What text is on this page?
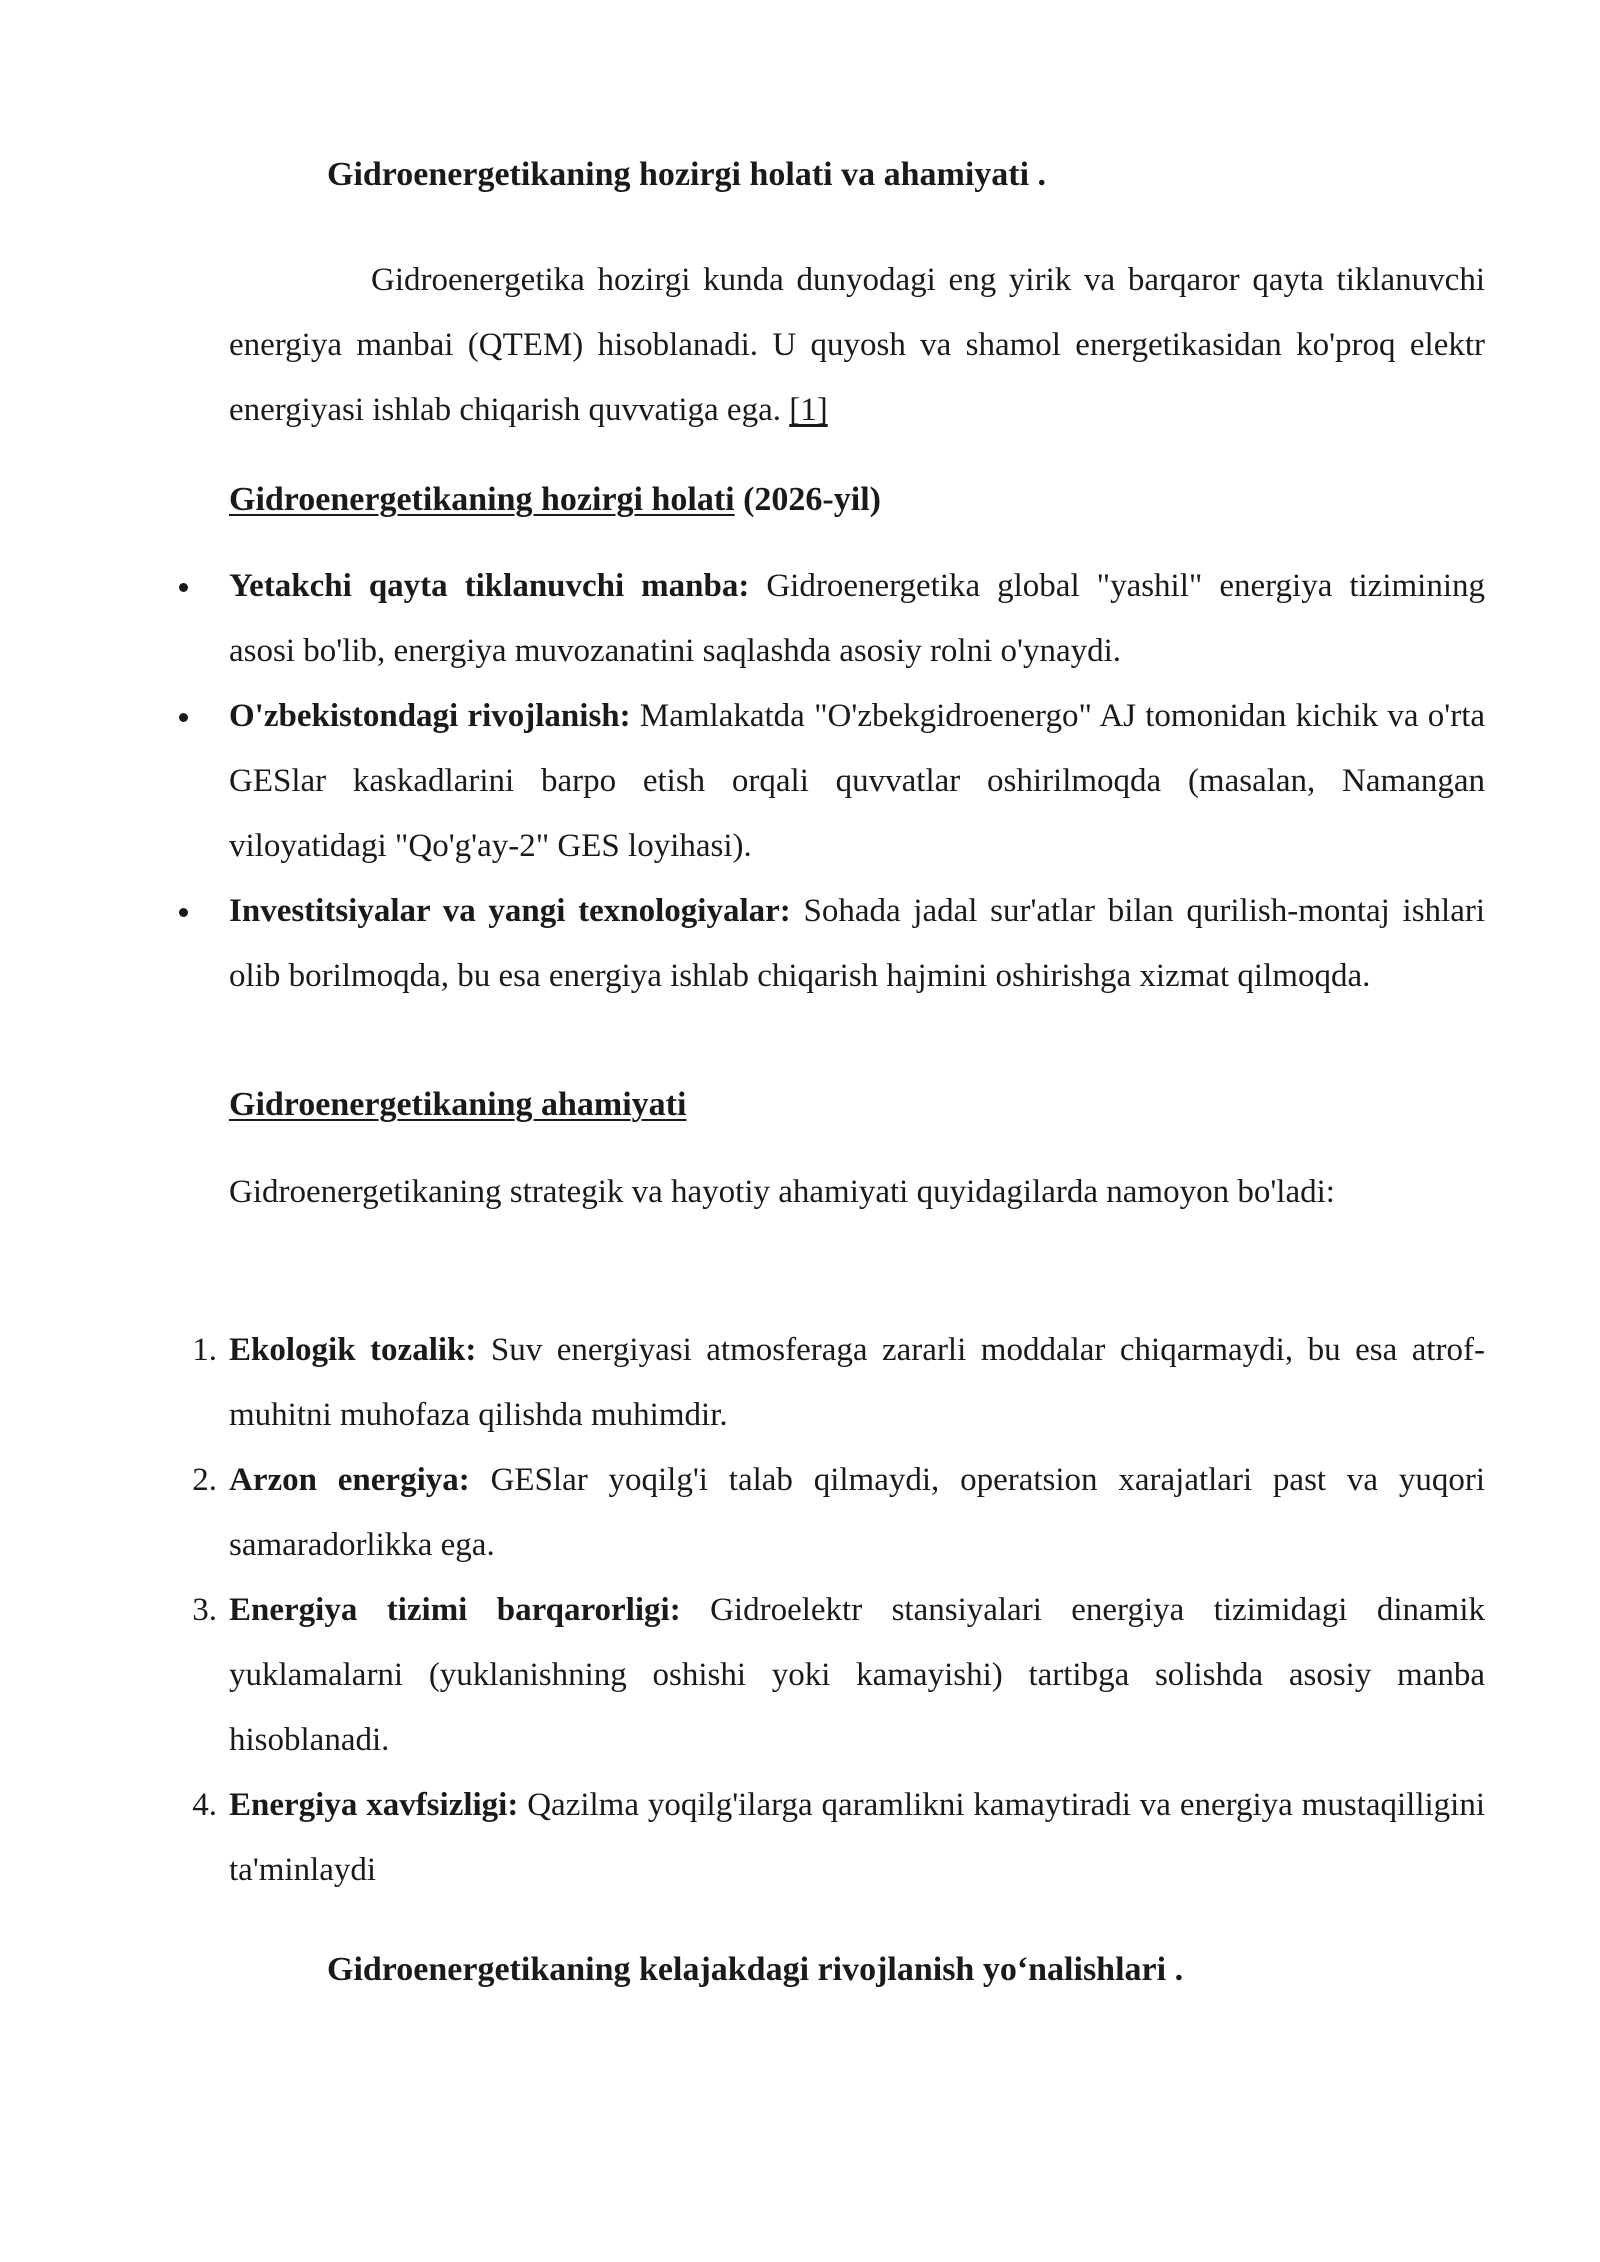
Gidroenergetikaning hozirgi holati va ahamiyati .

Gidroenergetika hozirgi kunda dunyodagi eng yirik va barqaror qayta tiklanuvchi energiya manbai (QTEM) hisoblanadi. U quyosh va shamol energetikasidan ko'proq elektr energiyasi ishlab chiqarish quvvatiga ega. [1]

Gidroenergetikaning hozirgi holati (2026-yil)
Yetakchi qayta tiklanuvchi manba: Gidroenergetika global "yashil" energiya tizimining asosi bo'lib, energiya muvozanatini saqlashda asosiy rolni o'ynaydi.
O'zbekistondagi rivojlanish: Mamlakatda "O'zbekgidroenergo" AJ tomonidan kichik va o'rta GESlar kaskadlarini barpo etish orqali quvvatlar oshirilmoqda (masalan, Namangan viloyatidagi "Qo'g'ay-2" GES loyihasi).
Investitsiyalar va yangi texnologiyalar: Sohada jadal sur'atlar bilan qurilish-montaj ishlari olib borilmoqda, bu esa energiya ishlab chiqarish hajmini oshirishga xizmat qilmoqda.
Gidroenergetikaning ahamiyati

Gidroenergetikaning strategik va hayotiy ahamiyati quyidagilarda namoyon bo'ladi:

1. Ekologik tozalik: Suv energiyasi atmosferaga zararli moddalar chiqarmaydi, bu esa atrof-muhitni muhofaza qilishda muhimdir.
2. Arzon energiya: GESlar yoqilg'i talab qilmaydi, operatsion xarajatlari past va yuqori samaradorlikka ega.
3. Energiya tizimi barqarorligi: Gidroelektr stansiyalari energiya tizimidagi dinamik yuklamalarni (yuklanishning oshishi yoki kamayishi) tartibga solishda asosiy manba hisoblanadi.
4. Energiya xavfsizligi: Qazilma yoqilg'ilarga qaramlikni kamaytiradi va energiya mustaqilligini ta'minlaydi
Gidroenergetikaning kelajakdagi rivojlanish yo‘nalishlari .
